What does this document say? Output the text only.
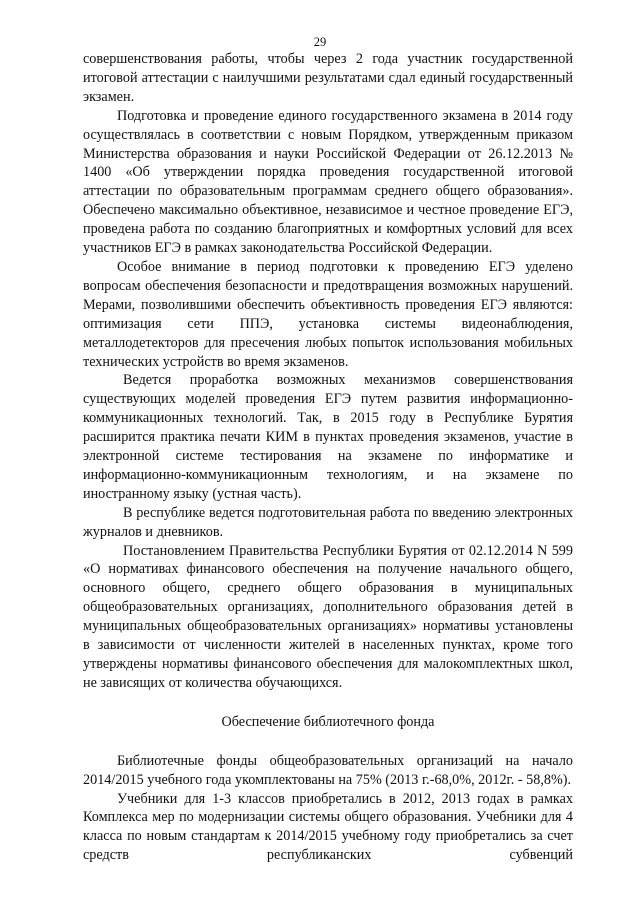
29

совершенствования работы, чтобы через 2 года участник государственной итоговой аттестации с наилучшими результатами сдал единый государственный экзамен.

Подготовка и проведение единого государственного экзамена в 2014 году осуществлялась в соответствии с новым Порядком, утвержденным приказом Министерства образования и науки Российской Федерации от 26.12.2013 № 1400 «Об утверждении порядка проведения государственной итоговой аттестации по образовательным программам среднего общего образования». Обеспечено максимально объективное, независимое и честное проведение ЕГЭ, проведена работа по созданию благоприятных и комфортных условий для всех участников ЕГЭ в рамках законодательства Российской Федерации.

Особое внимание в период подготовки к проведению ЕГЭ уделено вопросам обеспечения безопасности и предотвращения возможных нарушений. Мерами, позволившими обеспечить объективность проведения ЕГЭ являются: оптимизация сети ППЭ, установка системы видеонаблюдения, металлодетекторов для пресечения любых попыток использования мобильных технических устройств во время экзаменов.

Ведется проработка возможных механизмов совершенствования существующих моделей проведения ЕГЭ путем развития информационно-коммуникационных технологий. Так, в 2015 году в Республике Бурятия расширится практика печати КИМ в пунктах проведения экзаменов, участие в электронной системе тестирования на экзамене по информатике и информационно-коммуникационным технологиям, и на экзамене по иностранному языку (устная часть).

В республике ведется подготовительная работа по введению электронных журналов и дневников.

Постановлением Правительства Республики Бурятия от 02.12.2014 N 599 «О нормативах финансового обеспечения на получение начального общего, основного общего, среднего общего образования в муниципальных общеобразовательных организациях, дополнительного образования детей в муниципальных общеобразовательных организациях» нормативы установлены в зависимости от численности жителей в населенных пунктах, кроме того утверждены нормативы финансового обеспечения для малокомплектных школ, не зависящих от количества обучающихся.

Обеспечение библиотечного фонда

Библиотечные фонды общеобразовательных организаций на начало 2014/2015 учебного года укомплектованы на 75% (2013 г.-68,0%, 2012г. - 58,8%).

Учебники для 1-3 классов приобретались в 2012, 2013 годах в рамках Комплекса мер по модернизации системы общего образования. Учебники для 4 класса по новым стандартам к 2014/2015 учебному году приобретались за счет средств республиканских субвенций
